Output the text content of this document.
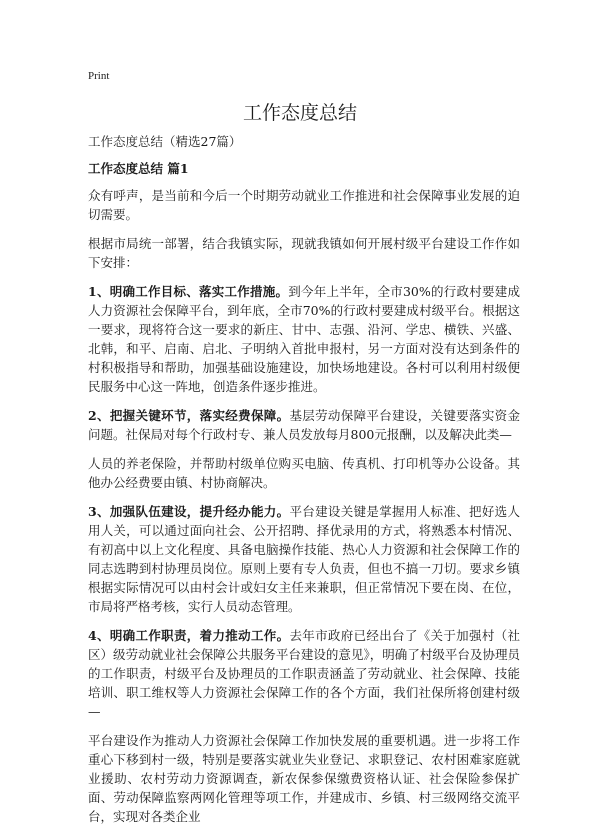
Print
工作态度总结

工作态度总结（精选27篇）

工作态度总结 篇1

众有呼声，是当前和今后一个时期劳动就业工作推进和社会保障事业发展的迫切需要。

根据市局统一部署，结合我镇实际，现就我镇如何开展村级平台建设工作作如下安排：

1、明确工作目标、落实工作措施。到今年上半年，全市30%的行政村要建成人力资源社会保障平台，到年底，全市70%的行政村要建成村级平台。根据这一要求，现将符合这一要求的新庄、甘中、志强、沿河、学忠、横铁、兴盛、北韩，和平、启南、启北、子明纳入首批申报村，另一方面对没有达到条件的村积极指导和帮助，加强基础设施建设，加快场地建设。各村可以利用村级便民服务中心这一阵地，创造条件逐步推进。

2、把握关键环节，落实经费保障。基层劳动保障平台建设，关键要落实资金问题。社保局对每个行政村专、兼人员发放每月800元报酬，以及解决此类—

人员的养老保险，并帮助村级单位购买电脑、传真机、打印机等办公设备。其他办公经费要由镇、村协商解决。

3、加强队伍建设，提升经办能力。平台建设关键是掌握用人标准、把好选人用人关，可以通过面向社会、公开招聘、择优录用的方式，将熟悉本村情况、有初高中以上文化程度、具备电脑操作技能、热心人力资源和社会保障工作的同志选聘到村协理员岗位。原则上要有专人负责，但也不搞一刀切。要求乡镇根据实际情况可以由村会计或妇女主任来兼职，但正常情况下要在岗、在位，市局将严格考核，实行人员动态管理。

4、明确工作职责，着力推动工作。去年市政府已经出台了《关于加强村（社区）级劳动就业社会保障公共服务平台建设的意见》，明确了村级平台及协理员的工作职责，村级平台及协理员的工作职责涵盖了劳动就业、社会保障、技能培训、职工维权等人力资源社会保障工作的各个方面，我们社保所将创建村级—

平台建设作为推动人力资源社会保障工作加快发展的重要机遇。进一步将工作重心下移到村一级，特别是要落实就业失业登记、求职登记、农村困难家庭就业援助、农村劳动力资源调查，新农保参保缴费资格认证、社会保险参保扩面、劳动保障监察两网化管理等项工作，并建成市、乡镇、村三级网络交流平台，实现对各类企业
